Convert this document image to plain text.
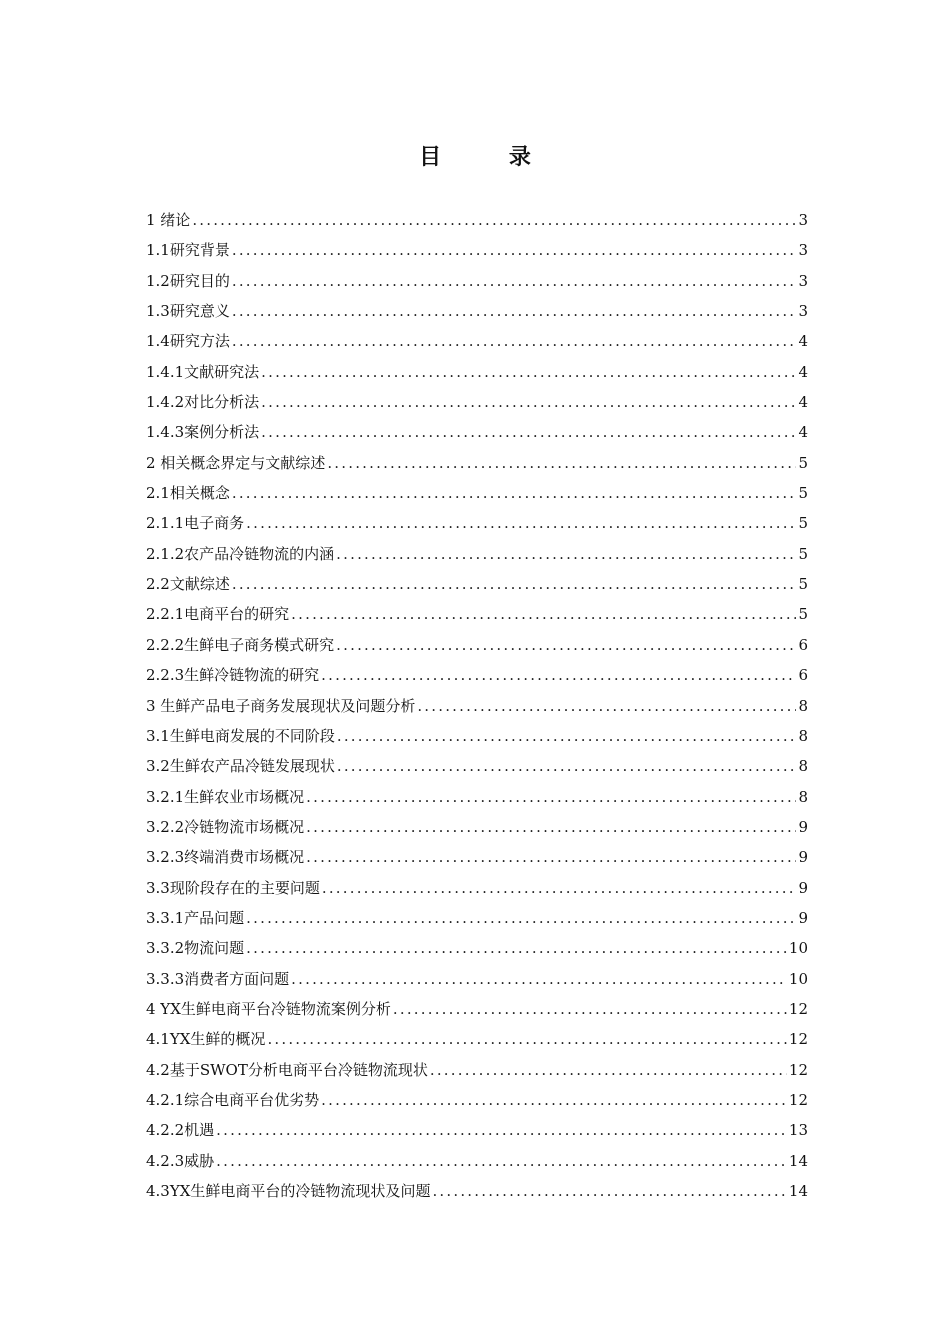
目 录
1 绪论 .....	3
1.1研究背景 .....	3
1.2研究目的 .....	3
1.3研究意义 .....	3
1.4研究方法 .....	4
1.4.1文献研究法 .....	4
1.4.2对比分析法 .....	4
1.4.3案例分析法 .....	4
2 相关概念界定与文献综述 .....	5
2.1相关概念 .....	5
2.1.1电子商务 .....	5
2.1.2农产品冷链物流的内涵 .....	5
2.2文献综述 .....	5
2.2.1电商平台的研究 .....	5
2.2.2生鲜电子商务模式研究 .....	6
2.2.3生鲜冷链物流的研究 .....	6
3 生鲜产品电子商务发展现状及问题分析 .....	8
3.1生鲜电商发展的不同阶段 .....	8
3.2生鲜农产品冷链发展现状 .....	8
3.2.1生鲜农业市场概况 .....	8
3.2.2冷链物流市场概况 .....	9
3.2.3终端消费市场概况 .....	9
3.3现阶段存在的主要问题 .....	9
3.3.1产品问题 .....	9
3.3.2物流问题 .....	10
3.3.3消费者方面问题 .....	10
4 YX生鲜电商平台冷链物流案例分析 .....	12
4.1YX生鲜的概况 .....	12
4.2基于SWOT分析电商平台冷链物流现状 .....	12
4.2.1综合电商平台优劣势 .....	12
4.2.2机遇 .....	13
4.2.3威胁 .....	14
4.3YX生鲜电商平台的冷链物流现状及问题 .....	14
